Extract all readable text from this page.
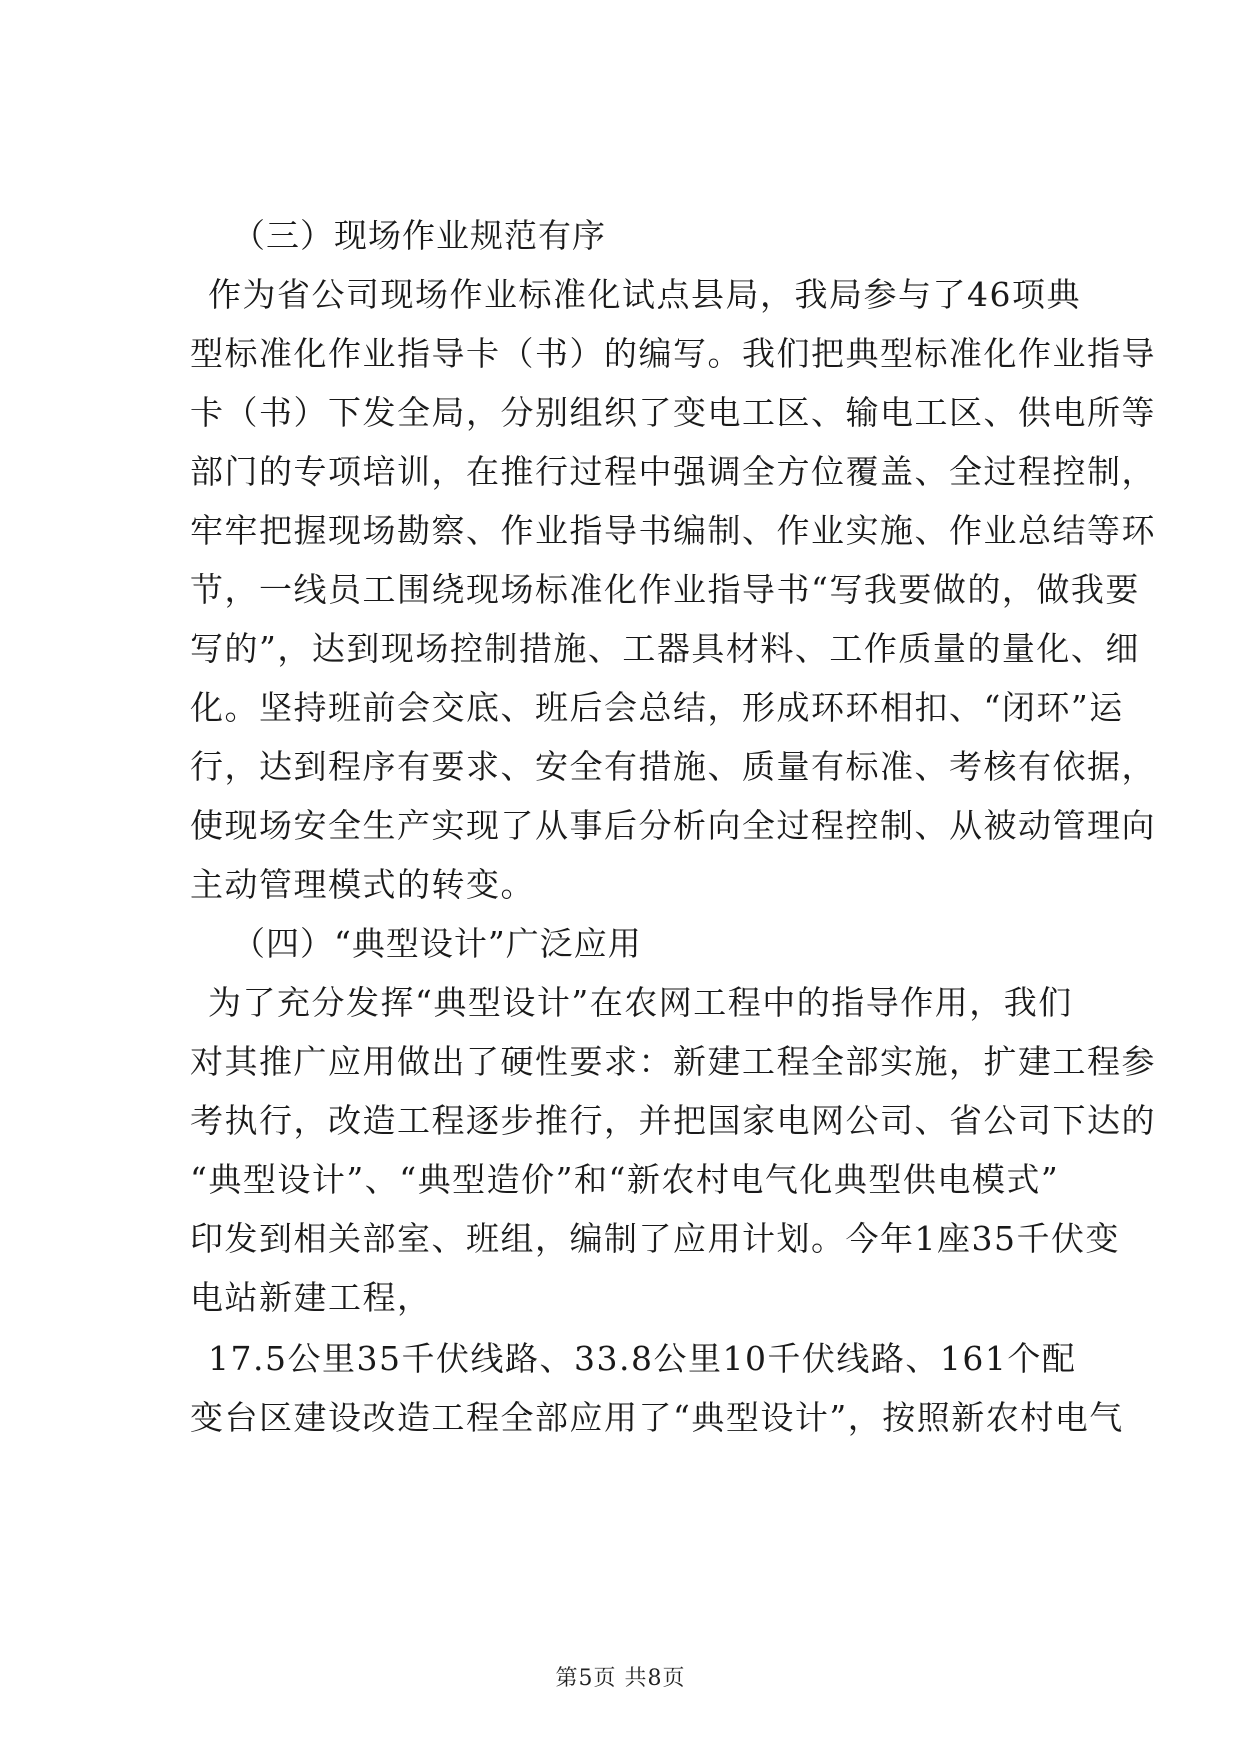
（三）现场作业规范有序
作为省公司现场作业标准化试点县局，我局参与了46项典
型标准化作业指导卡（书）的编写。我们把典型标准化作业指导
卡（书）下发全局，分别组织了变电工区、输电工区、供电所等
部门的专项培训，在推行过程中强调全方位覆盖、全过程控制，
牢牢把握现场勘察、作业指导书编制、作业实施、作业总结等环
节，一线员工围绕现场标准化作业指导书“写我要做的，做我要
写的”，达到现场控制措施、工器具材料、工作质量的量化、细
化。坚持班前会交底、班后会总结，形成环环相扣、“闭环”运
行，达到程序有要求、安全有措施、质量有标准、考核有依据，
使现场安全生产实现了从事后分析向全过程控制、从被动管理向
主动管理模式的转变。
（四）“典型设计”广泛应用
为了充分发挥“典型设计”在农网工程中的指导作用，我们
对其推广应用做出了硬性要求：新建工程全部实施，扩建工程参
考执行，改造工程逐步推行，并把国家电网公司、省公司下达的
“典型设计”、“典型造价”和“新农村电气化典型供电模式”
印发到相关部室、班组，编制了应用计划。今年1座35千伏变
电站新建工程，
17.5公里35千伏线路、33.8公里10千伏线路、161个配
变台区建设改造工程全部应用了“典型设计”，按照新农村电气
第5页 共8页
